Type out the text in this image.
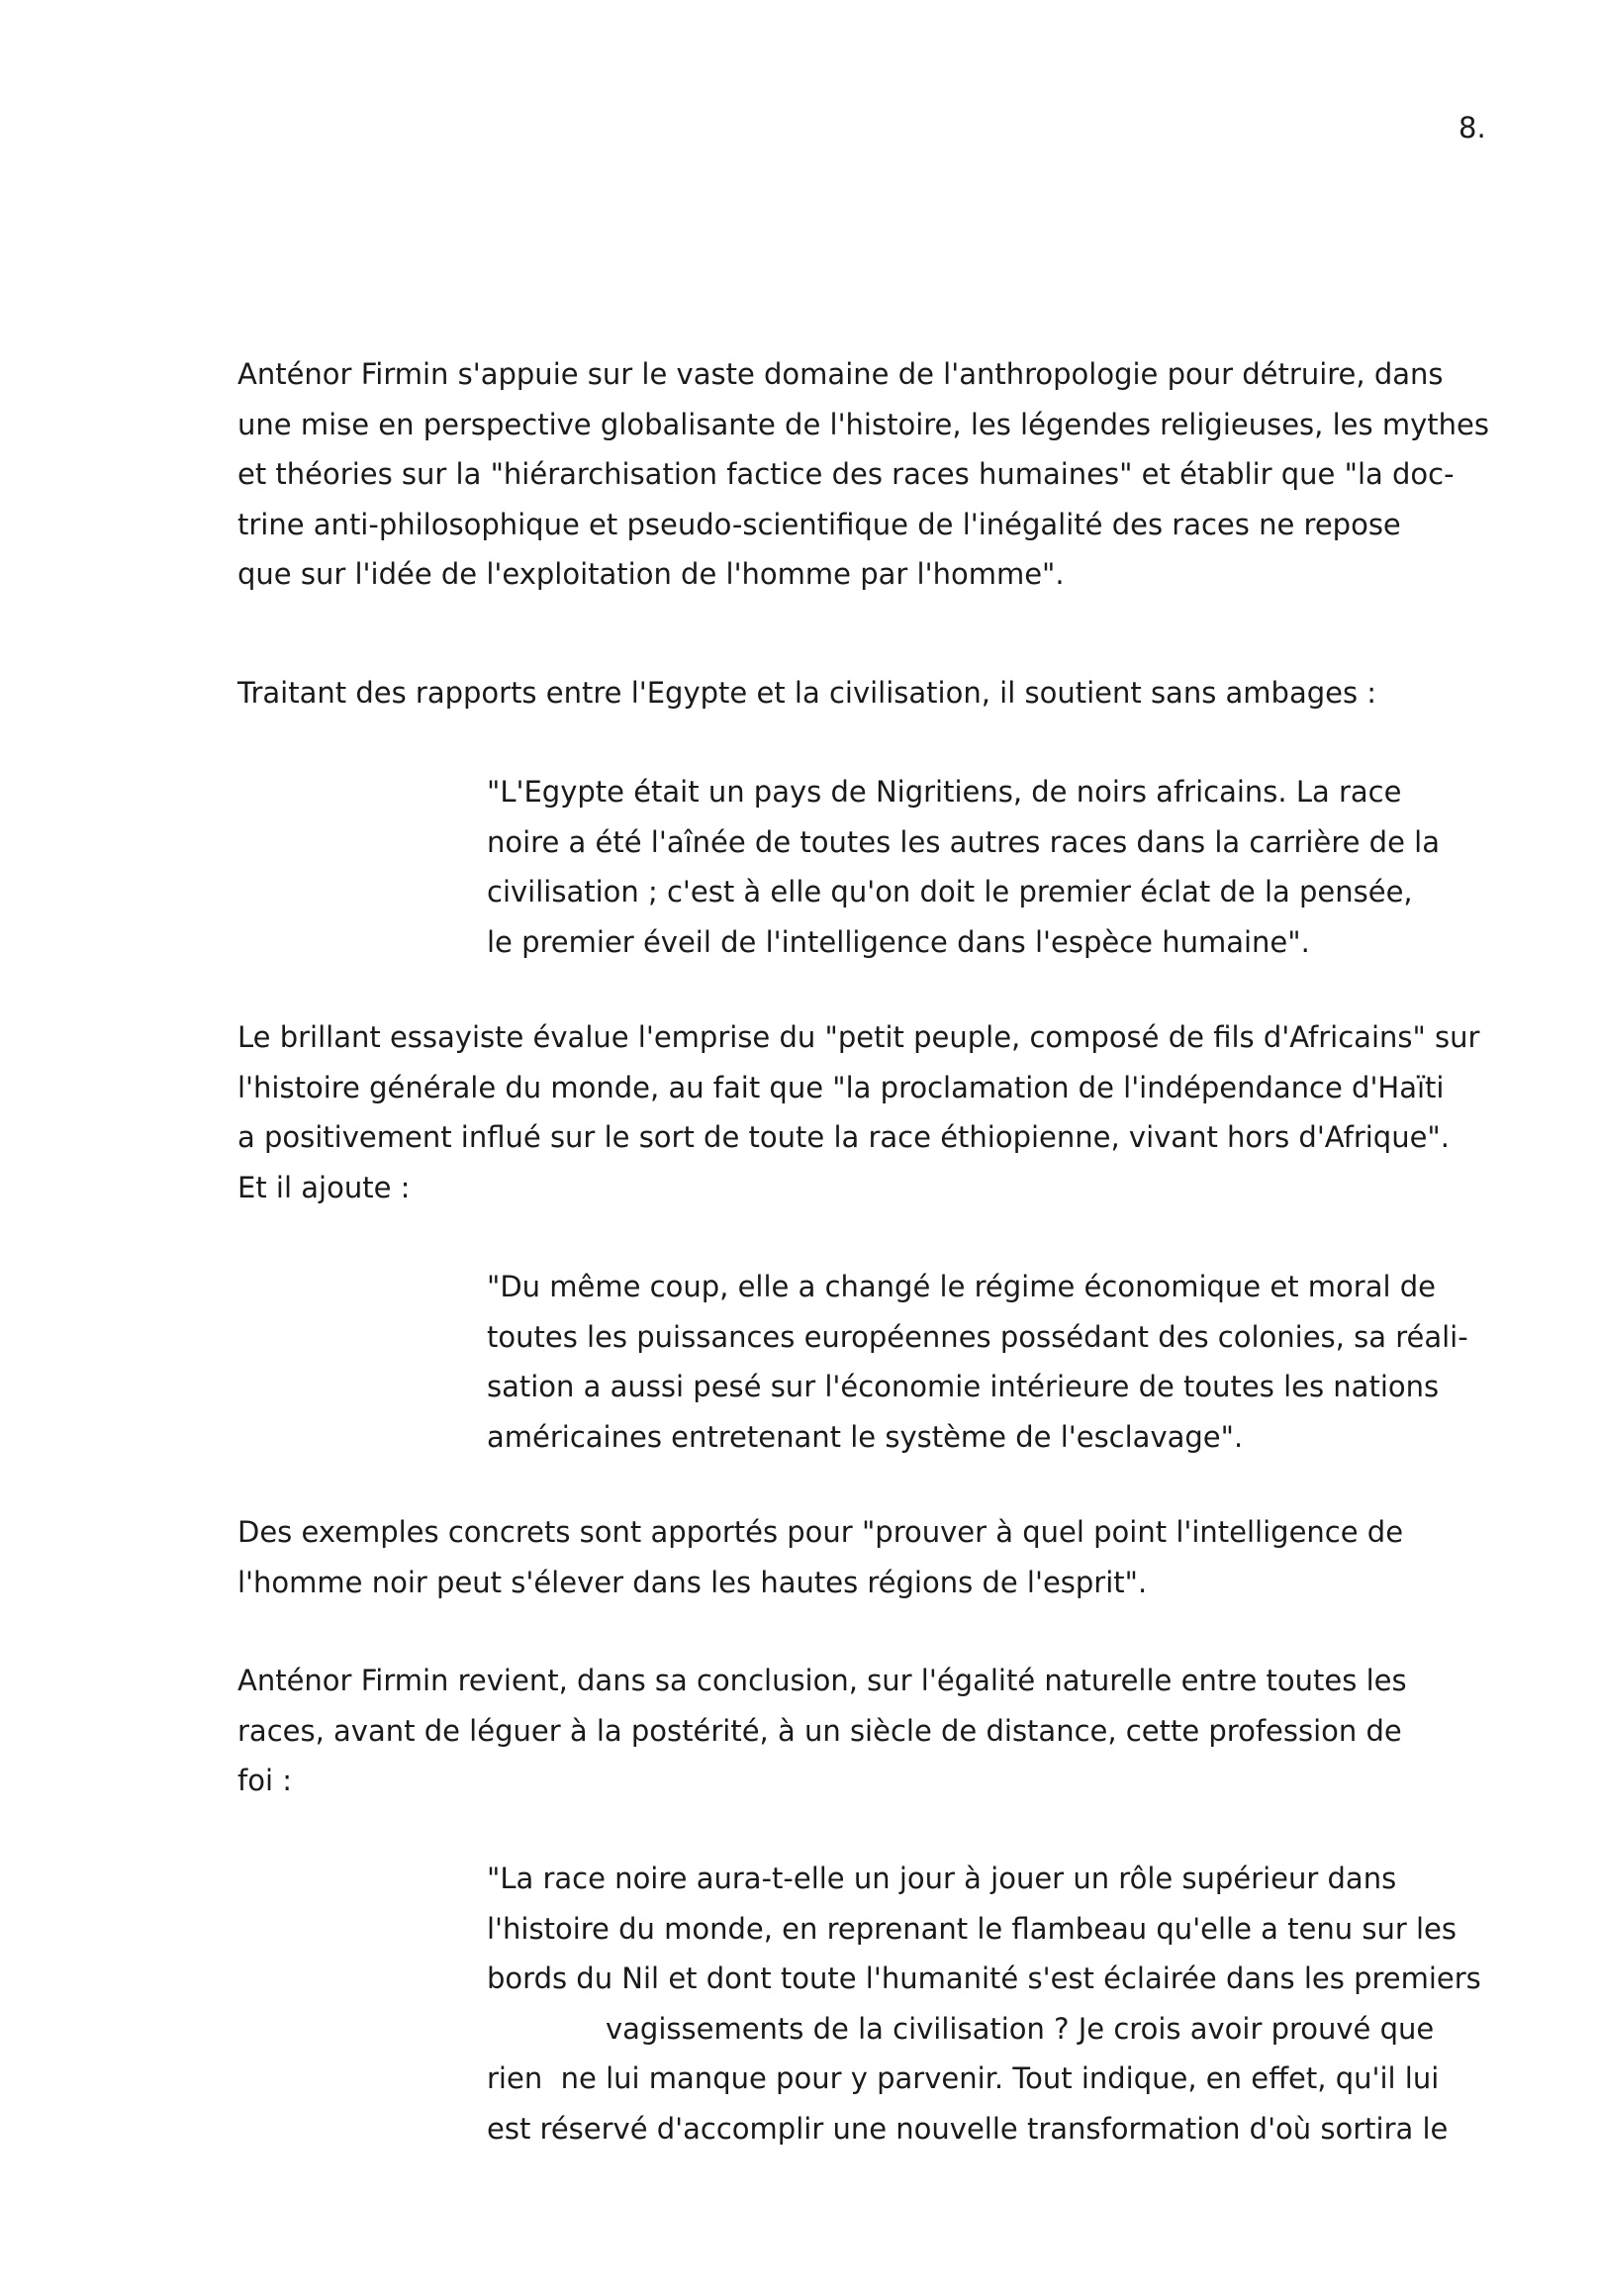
8.
Anténor Firmin s'appuie sur le vaste domaine de l'anthropologie pour détruire, dans
une mise en perspective globalisante de l'histoire, les légendes religieuses, les mythes
et théories sur la "hiérarchisation factice des races humaines" et établir que "la doc-
trine anti-philosophique et pseudo-scientifique de l'inégalité des races ne repose
que sur l'idée de l'exploitation de l'homme par l'homme".
Traitant des rapports entre l'Egypte et la civilisation, il soutient sans ambages :
"L'Egypte était un pays de Nigritiens, de noirs africains. La race
noire a été l'aînée de toutes les autres races dans la carrière de la
civilisation ; c'est à elle qu'on doit le premier éclat de la pensée,
le premier éveil de l'intelligence dans l'espèce humaine".
Le brillant essayiste évalue l'emprise du "petit peuple, composé de fils d'Africains" sur
l'histoire générale du monde, au fait que "la proclamation de l'indépendance d'Haïti
a positivement influé sur le sort de toute la race éthiopienne, vivant hors d'Afrique".
Et il ajoute :
"Du même coup, elle a changé le régime économique et moral de
toutes les puissances européennes possédant des colonies, sa réali-
sation a aussi pesé sur l'économie intérieure de toutes les nations
américaines entretenant le système de l'esclavage".
Des exemples concrets sont apportés pour "prouver à quel point l'intelligence de
l'homme noir peut s'élever dans les hautes régions de l'esprit".
Anténor Firmin revient, dans sa conclusion, sur l'égalité naturelle entre toutes les
races, avant de léguer à la postérité, à un siècle de distance, cette profession de
foi :
"La race noire aura-t-elle un jour à jouer un rôle supérieur dans
l'histoire du monde, en reprenant le flambeau qu'elle a tenu sur les
bords du Nil et dont toute l'humanité s'est éclairée dans les premiers
vagissements de la civilisation ? Je crois avoir prouvé que
rien  ne lui manque pour y parvenir. Tout indique, en effet, qu'il lui
est réservé d'accomplir une nouvelle transformation d'où sortira le
